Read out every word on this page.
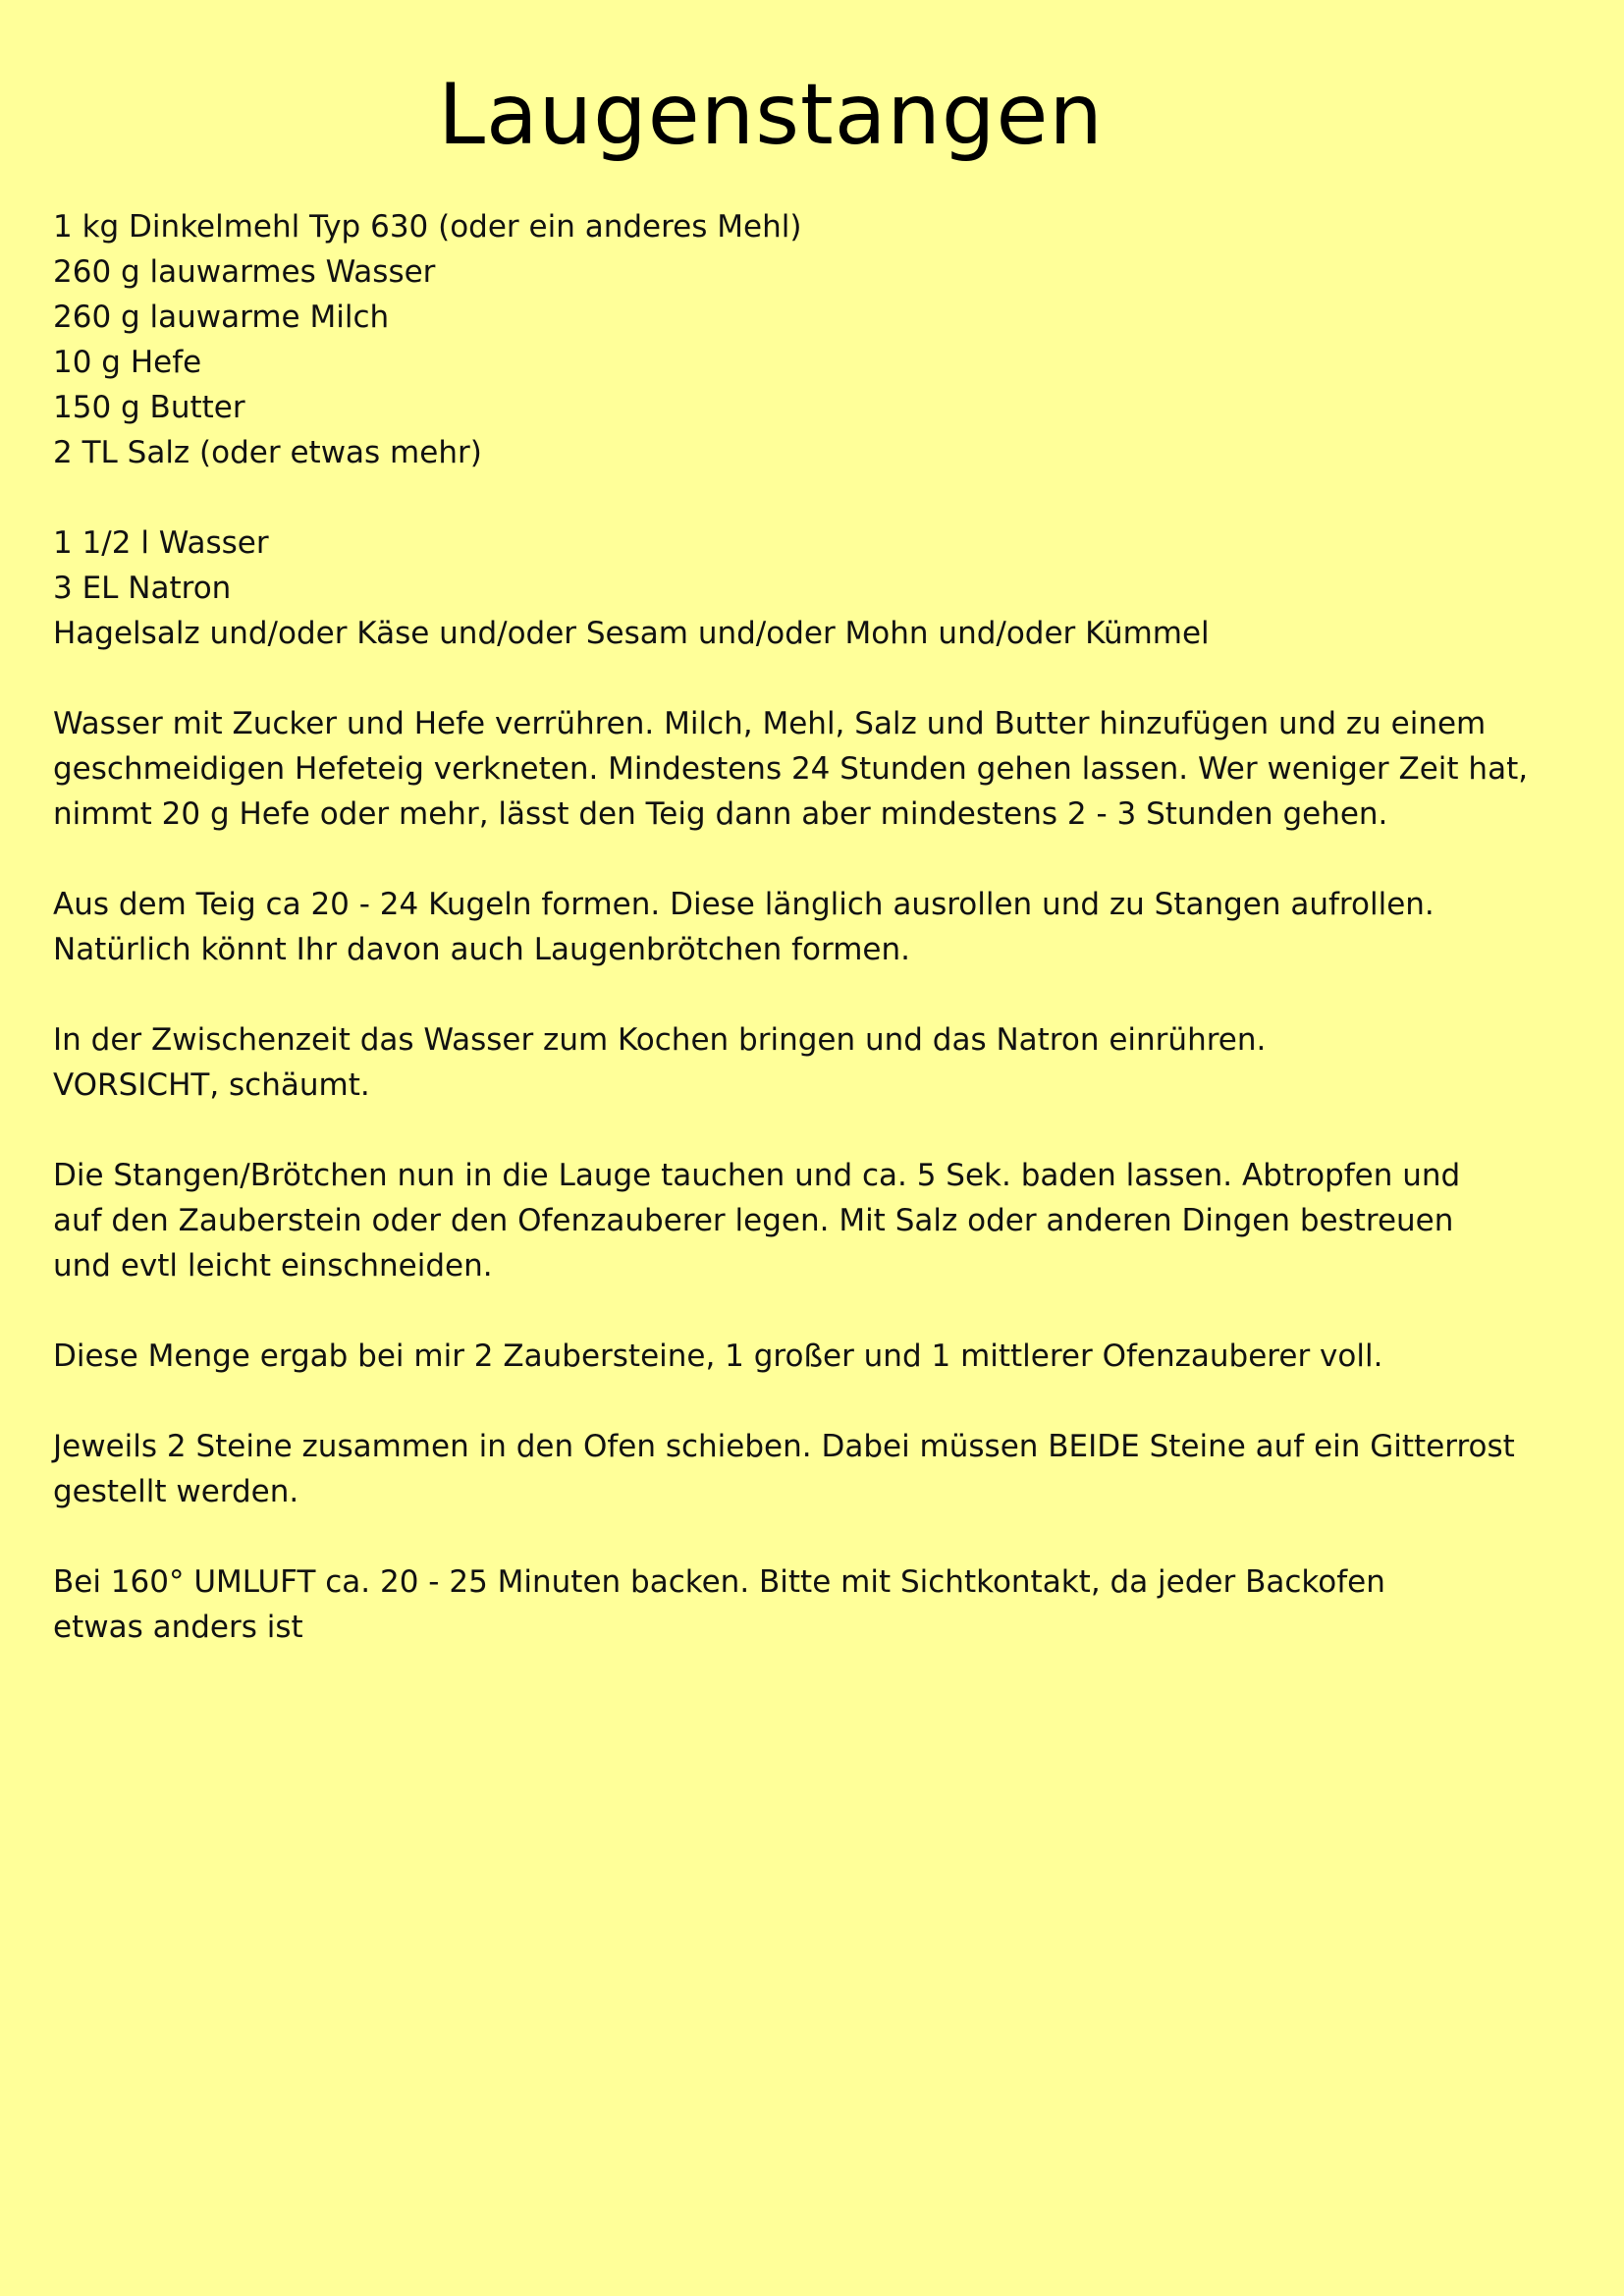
Laugenstangen
1 kg Dinkelmehl Typ 630 (oder ein anderes Mehl)
260 g lauwarmes Wasser
260 g lauwarme Milch
10 g Hefe
150 g Butter
2 TL Salz (oder etwas mehr)
1 1/2 l Wasser
3 EL Natron
Hagelsalz und/oder Käse und/oder Sesam und/oder Mohn und/oder Kümmel
Wasser mit Zucker und Hefe verrühren. Milch, Mehl, Salz und Butter hinzufügen und zu einem
geschmeidigen Hefeteig verkneten. Mindestens 24 Stunden gehen lassen. Wer weniger Zeit hat,
nimmt 20 g Hefe oder mehr, lässt den Teig dann aber mindestens 2 - 3 Stunden gehen.
Aus dem Teig ca 20 - 24 Kugeln formen. Diese länglich ausrollen und zu Stangen aufrollen.
Natürlich könnt Ihr davon auch Laugenbrötchen formen.
In der Zwischenzeit das Wasser zum Kochen bringen und das Natron einrühren.
VORSICHT, schäumt.
Die Stangen/Brötchen nun in die Lauge tauchen und ca. 5 Sek. baden lassen. Abtropfen und
auf den Zauberstein oder den Ofenzauberer legen. Mit Salz oder anderen Dingen bestreuen
und evtl leicht einschneiden.
Diese Menge ergab bei mir 2 Zaubersteine, 1 großer und 1 mittlerer Ofenzauberer voll.
Jeweils 2 Steine zusammen in den Ofen schieben. Dabei müssen BEIDE Steine auf ein Gitterrost
gestellt werden.
Bei 160° UMLUFT ca. 20 - 25 Minuten backen. Bitte mit Sichtkontakt, da jeder Backofen
etwas anders ist
